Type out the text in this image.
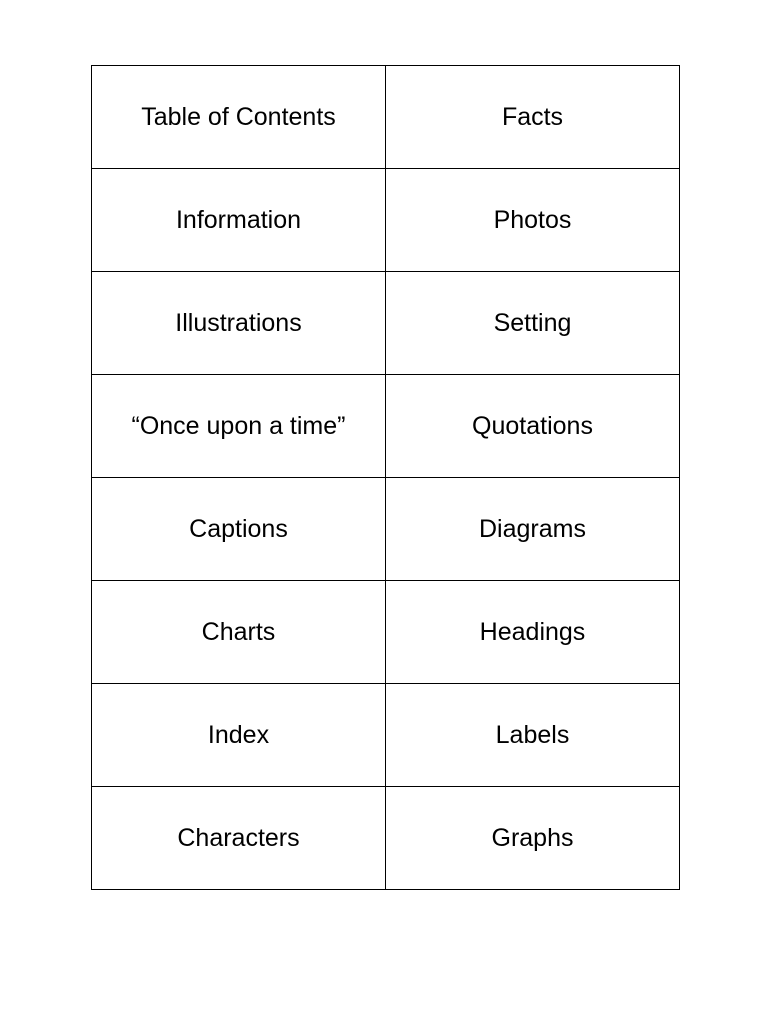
Table of Contents	Facts
Information	Photos
Illustrations	Setting
“Once upon a time”	Quotations
Captions	Diagrams
Charts	Headings
Index	Labels
Characters	Graphs
